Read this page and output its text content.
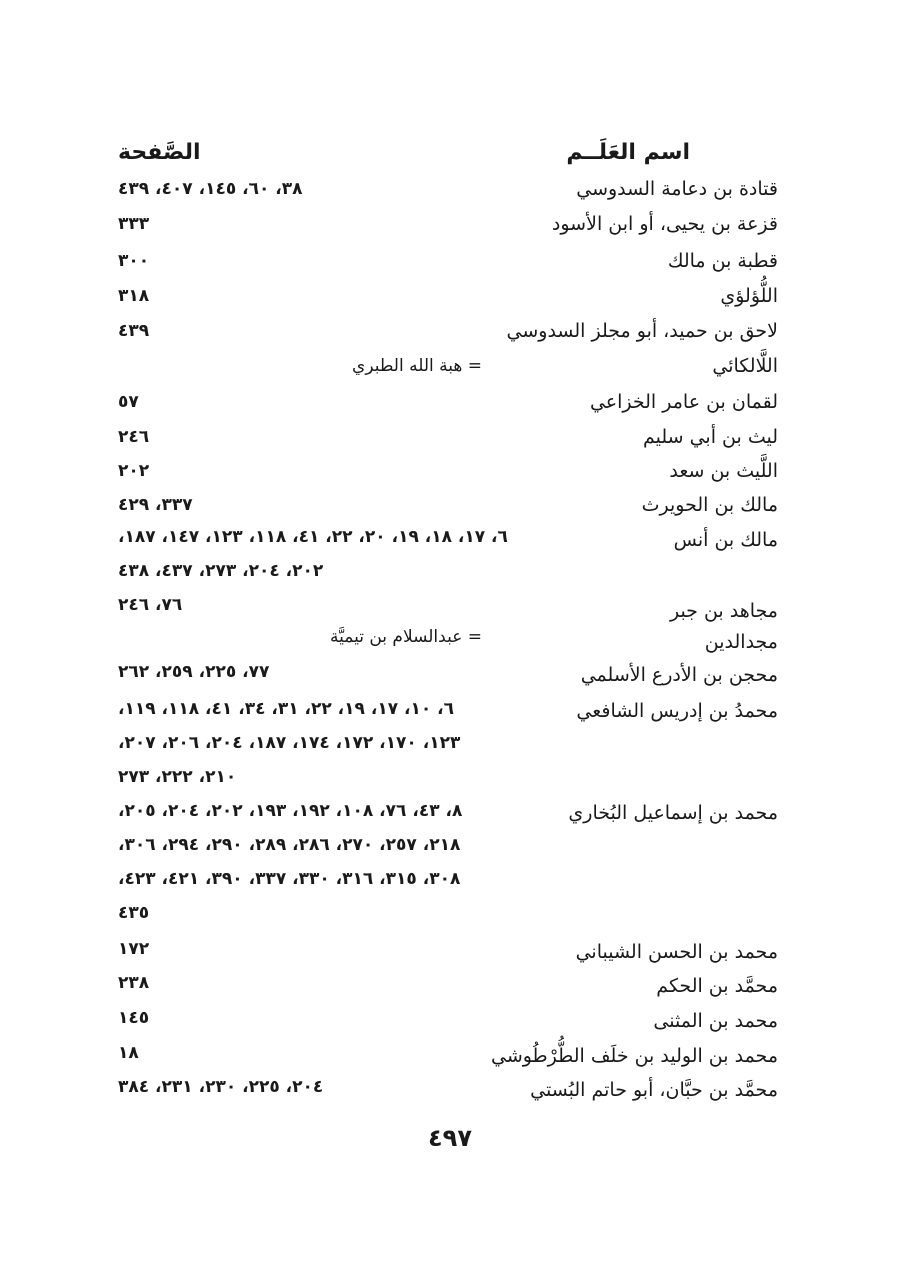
اسم العَلَــم
الصَّفحة
قتادة بن دعامة السدوسي
٣٨، ٦٠، ١٤٥، ٤٠٧، ٤٣٩
قزعة بن يحيى، أو ابن الأسود
٣٣٣
قطبة بن مالك
٣٠٠
اللُّؤلؤي
٣١٨
لاحق بن حميد، أبو مجلز السدوسي
٤٣٩
اللَّالكائي
= هبة الله الطبري
لقمان بن عامر الخزاعي
٥٧
ليث بن أبي سليم
٢٤٦
اللَّيث بن سعد
٢٠٢
مالك بن الحويرث
٣٣٧، ٤٢٩
مالك بن أنس
٦، ١٧، ١٨، ١٩، ٢٠، ٢٢، ٤١، ١١٨، ١٢٣، ١٤٧، ١٨٧،
٢٠٢، ٢٠٤، ٢٧٣، ٤٣٧، ٤٣٨
مجاهد بن جبر
٧٦، ٢٤٦
مجدالدين
= عبدالسلام بن تيميَّة
محجن بن الأدرع الأسلمي
٧٧، ٢٢٥، ٢٥٩، ٢٦٢
محمدُ بن إدريس الشافعي
٦، ١٠، ١٧، ١٩، ٢٢، ٣١، ٣٤، ٤١، ١١٨، ١١٩،
١٢٣، ١٧٠، ١٧٢، ١٧٤، ١٨٧، ٢٠٤، ٢٠٦، ٢٠٧،
٢١٠، ٢٢٢، ٢٧٣
محمد بن إسماعيل البُخاري
٨، ٤٣، ٧٦، ١٠٨، ١٩٢، ١٩٣، ٢٠٢، ٢٠٤، ٢٠٥،
٢١٨، ٢٥٧، ٢٧٠، ٢٨٦، ٢٨٩، ٢٩٠، ٢٩٤، ٣٠٦،
٣٠٨، ٣١٥، ٣١٦، ٣٣٠، ٣٣٧، ٣٩٠، ٤٢١، ٤٢٣،
٤٣٥
محمد بن الحسن الشيباني
١٧٢
محمَّد بن الحكم
٢٣٨
محمد بن المثنى
١٤٥
محمد بن الوليد بن خلَف الطُّرْطُوشي
١٨
محمَّد بن حبَّان، أبو حاتم البُستي
٢٠٤، ٢٢٥، ٢٣٠، ٢٣١، ٣٨٤
٤٩٧
